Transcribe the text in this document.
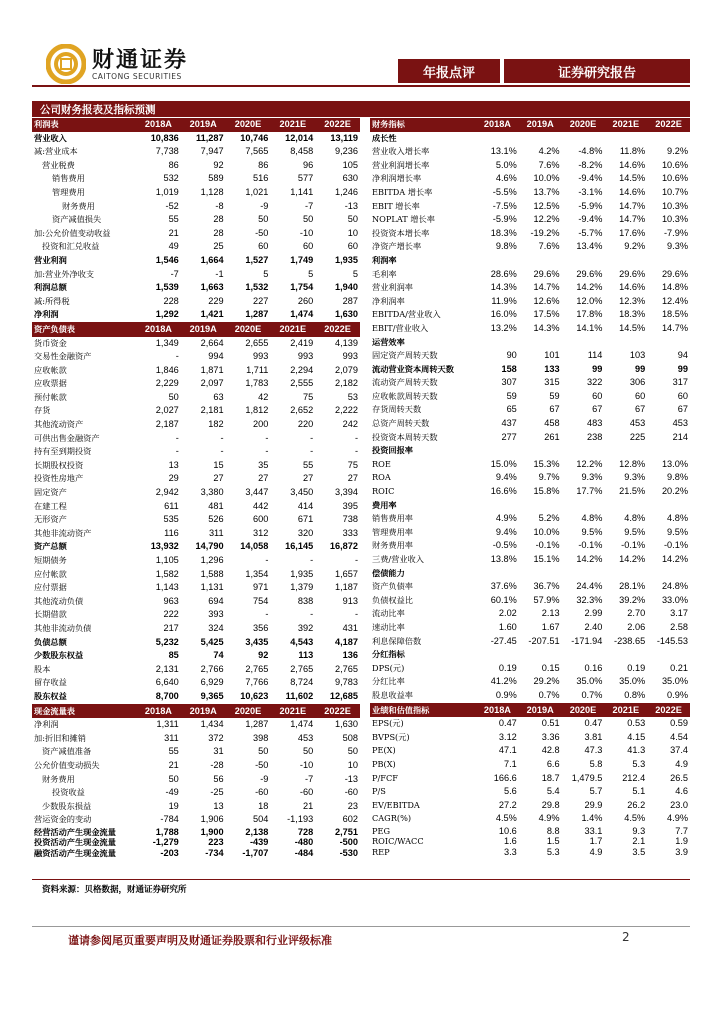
财通证券
CAITONG SECURITIES	年报点评	证券研究报告
公司财务报表及指标预测
利润表	2018A	2019A	2020E	2021E	2022E
营业收入	10,836	11,287	10,746	12,014	13,119
减:营业成本	7,738	7,947	7,565	8,458	9,236
营业税费	86	92	86	96	105
销售费用	532	589	516	577	630
管理费用	1,019	1,128	1,021	1,141	1,246
财务费用	-52	-8	-9	-7	-13
资产减值损失	55	28	50	50	50
加:公允价值变动收益	21	28	-50	-10	10
投资和汇兑收益	49	25	60	60	60
营业利润	1,546	1,664	1,527	1,749	1,935
加:营业外净收支	-7	-1	5	5	5
利润总额	1,539	1,663	1,532	1,754	1,940
减:所得税	228	229	227	260	287
净利润	1,292	1,421	1,287	1,474	1,630
资产负债表	2018A	2019A	2020E	2021E	2022E
货币资金	1,349	2,664	2,655	2,419	4,139
交易性金融资产	-	994	993	993	993
应收帐款	1,846	1,871	1,711	2,294	2,079
应收票据	2,229	2,097	1,783	2,555	2,182
预付帐款	50	63	42	75	53
存货	2,027	2,181	1,812	2,652	2,222
其他流动资产	2,187	182	200	220	242
可供出售金融资产	-	-	-	-	-
持有至到期投资	-	-	-	-	-
长期股权投资	13	15	35	55	75
投资性房地产	29	27	27	27	27
固定资产	2,942	3,380	3,447	3,450	3,394
在建工程	611	481	442	414	395
无形资产	535	526	600	671	738
其他非流动资产	116	311	312	320	333
资产总额	13,932	14,790	14,058	16,145	16,872
短期债务	1,105	1,296	-	-	-
应付帐款	1,582	1,588	1,354	1,935	1,657
应付票据	1,143	1,131	971	1,379	1,187
其他流动负债	963	694	754	838	913
长期借款	222	393	-	-	-
其他非流动负债	217	324	356	392	431
负债总额	5,232	5,425	3,435	4,543	4,187
少数股东权益	85	74	92	113	136
股本	2,131	2,766	2,765	2,765	2,765
留存收益	6,640	6,929	7,766	8,724	9,783
股东权益	8,700	9,365	10,623	11,602	12,685
现金流量表	2018A	2019A	2020E	2021E	2022E
净利润	1,311	1,434	1,287	1,474	1,630
加:折旧和摊销	311	372	398	453	508
资产减值准备	55	31	50	50	50
公允价值变动损失	21	-28	-50	-10	10
财务费用	50	56	-9	-7	-13
投资收益	-49	-25	-60	-60	-60
少数股东损益	19	13	18	21	23
营运资金的变动	-784	1,906	504	-1,193	602
经营活动产生现金流量	1,788	1,900	2,138	728	2,751
投资活动产生现金流量	-1,279	223	-439	-480	-500
融资活动产生现金流量	-203	-734	-1,707	-484	-530
财务指标	2018A	2019A	2020E	2021E	2022E
成长性					
营业收入增长率	13.1%	4.2%	-4.8%	11.8%	9.2%
营业利润增长率	5.0%	7.6%	-8.2%	14.6%	10.6%
净利润增长率	4.6%	10.0%	-9.4%	14.5%	10.6%
EBITDA 增长率	-5.5%	13.7%	-3.1%	14.6%	10.7%
EBIT 增长率	-7.5%	12.5%	-5.9%	14.7%	10.3%
NOPLAT 增长率	-5.9%	12.2%	-9.4%	14.7%	10.3%
投资资本增长率	18.3%	-19.2%	-5.7%	17.6%	-7.9%
净资产增长率	9.8%	7.6%	13.4%	9.2%	9.3%
利润率					
毛利率	28.6%	29.6%	29.6%	29.6%	29.6%
营业利润率	14.3%	14.7%	14.2%	14.6%	14.8%
净利润率	11.9%	12.6%	12.0%	12.3%	12.4%
EBITDA/营业收入	16.0%	17.5%	17.8%	18.3%	18.5%
EBIT/营业收入	13.2%	14.3%	14.1%	14.5%	14.7%
运营效率					
固定资产周转天数	90	101	114	103	94
流动营业资本周转天数	158	133	99	99	99
流动资产周转天数	307	315	322	306	317
应收帐款周转天数	59	59	60	60	60
存货周转天数	65	67	67	67	67
总资产周转天数	437	458	483	453	453
投资资本周转天数	277	261	238	225	214
投资回报率					
ROE	15.0%	15.3%	12.2%	12.8%	13.0%
ROA	9.4%	9.7%	9.3%	9.3%	9.8%
ROIC	16.6%	15.8%	17.7%	21.5%	20.2%
费用率					
销售费用率	4.9%	5.2%	4.8%	4.8%	4.8%
管理费用率	9.4%	10.0%	9.5%	9.5%	9.5%
财务费用率	-0.5%	-0.1%	-0.1%	-0.1%	-0.1%
三费/营业收入	13.8%	15.1%	14.2%	14.2%	14.2%
偿债能力					
资产负债率	37.6%	36.7%	24.4%	28.1%	24.8%
负债权益比	60.1%	57.9%	32.3%	39.2%	33.0%
流动比率	2.02	2.13	2.99	2.70	3.17
速动比率	1.60	1.67	2.40	2.06	2.58
利息保障倍数	-27.45	-207.51	-171.94	-238.65	-145.53
分红指标					
DPS(元)	0.19	0.15	0.16	0.19	0.21
分红比率	41.2%	29.2%	35.0%	35.0%	35.0%
股息收益率	0.9%	0.7%	0.7%	0.8%	0.9%
业绩和估值指标	2018A	2019A	2020E	2021E	2022E
EPS(元)	0.47	0.51	0.47	0.53	0.59
BVPS(元)	3.12	3.36	3.81	4.15	4.54
PE(X)	47.1	42.8	47.3	41.3	37.4
PB(X)	7.1	6.6	5.8	5.3	4.9
P/FCF	166.6	18.7	1,479.5	212.4	26.5
P/S	5.6	5.4	5.7	5.1	4.6
EV/EBITDA	27.2	29.8	29.9	26.2	23.0
CAGR(%)	4.5%	4.9%	1.4%	4.5%	4.9%
PEG	10.6	8.8	33.1	9.3	7.7
ROIC/WACC	1.6	1.5	1.7	2.1	1.9
REP	3.3	5.3	4.9	3.5	3.9
资料来源：贝格数据，财通证券研究所
谨请参阅尾页重要声明及财通证券股票和行业评级标准	2
